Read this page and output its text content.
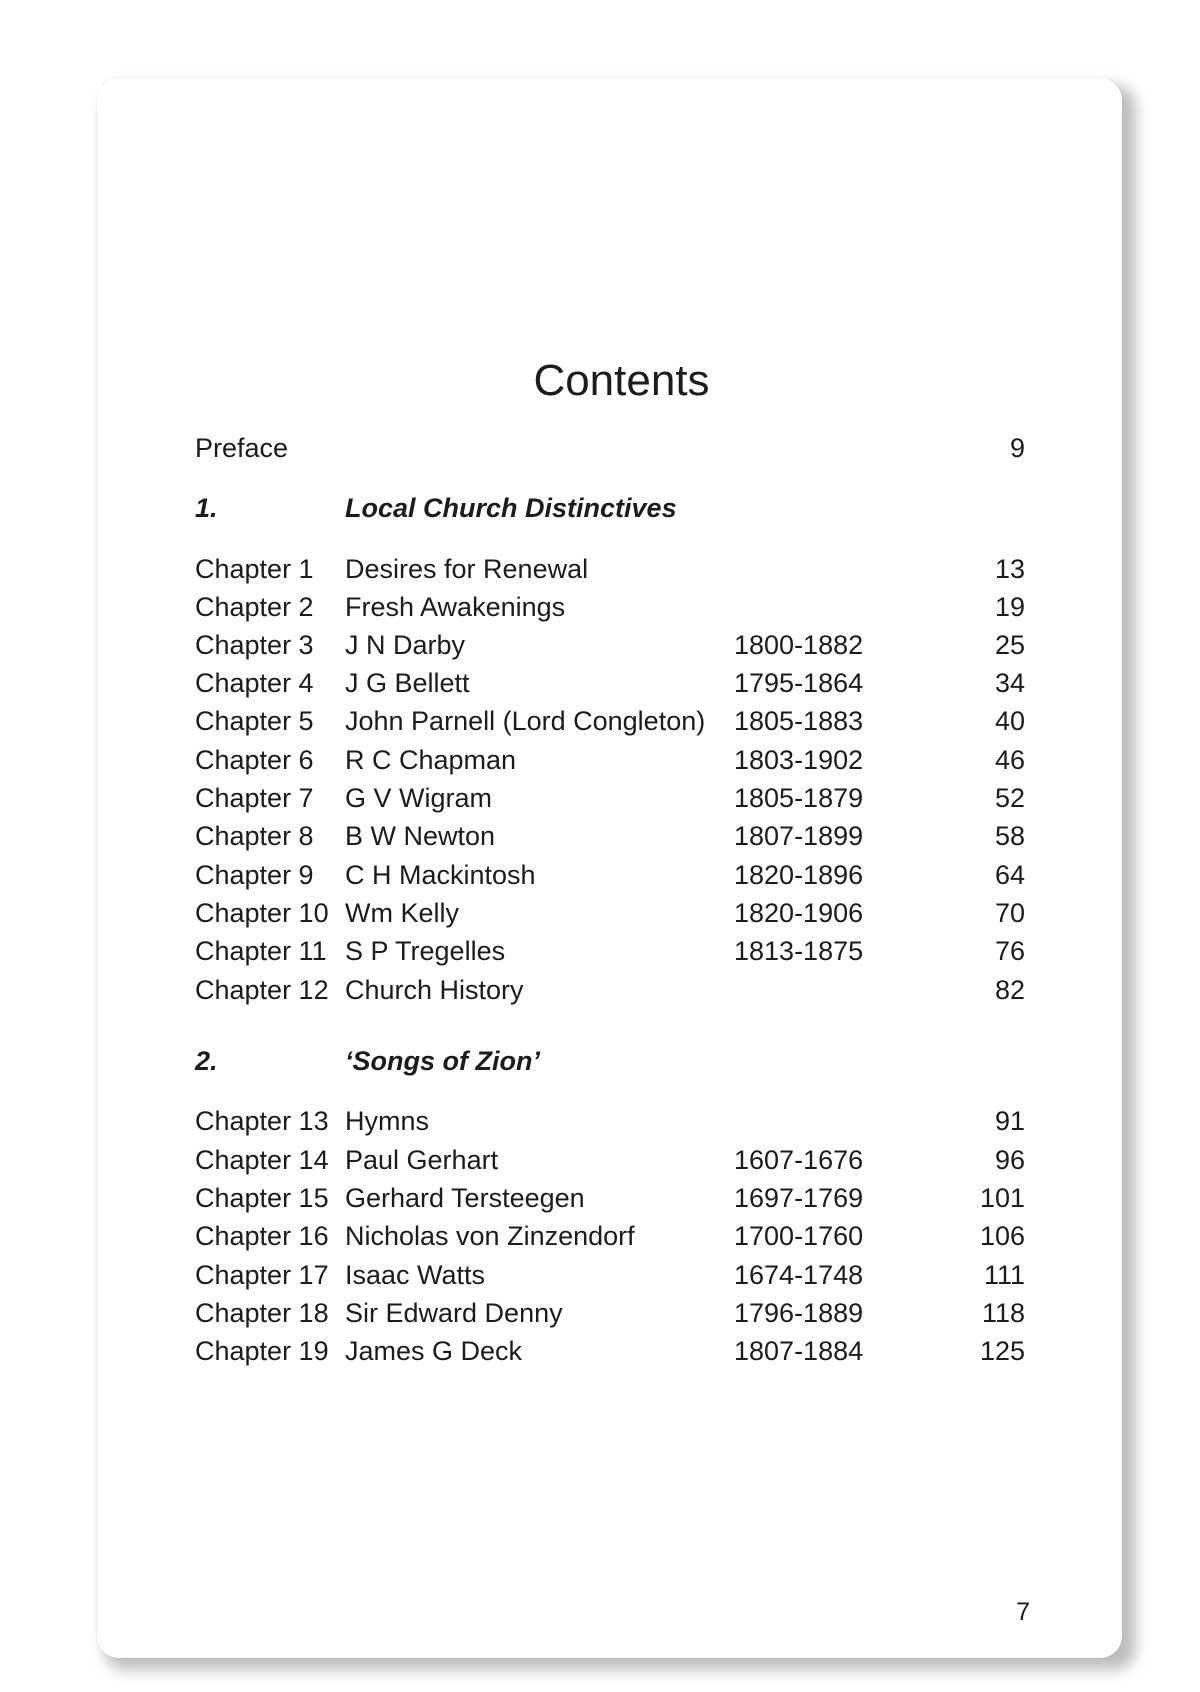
Contents
Preface	9
1.	Local Church Distinctives
Chapter 1 Desires for Renewal	13
Chapter 2 Fresh Awakenings	19
Chapter 3 J N Darby	1800-1882	25
Chapter 4 J G Bellett	1795-1864	34
Chapter 5 John Parnell (Lord Congleton) 1805-1883	40
Chapter 6 R C Chapman	1803-1902	46
Chapter 7 G V Wigram	1805-1879	52
Chapter 8 B W Newton	1807-1899	58
Chapter 9 C H Mackintosh	1820-1896	64
Chapter 10 Wm Kelly	1820-1906	70
Chapter 11 S P Tregelles	1813-1875	76
Chapter 12 Church History	82
2.	‘Songs of Zion’
Chapter 13 Hymns	91
Chapter 14 Paul Gerhart	1607-1676	96
Chapter 15 Gerhard Tersteegen	1697-1769	101
Chapter 16 Nicholas von Zinzendorf	1700-1760	106
Chapter 17 Isaac Watts	1674-1748	111
Chapter 18 Sir Edward Denny	1796-1889	118
Chapter 19 James G Deck	1807-1884	125
7
